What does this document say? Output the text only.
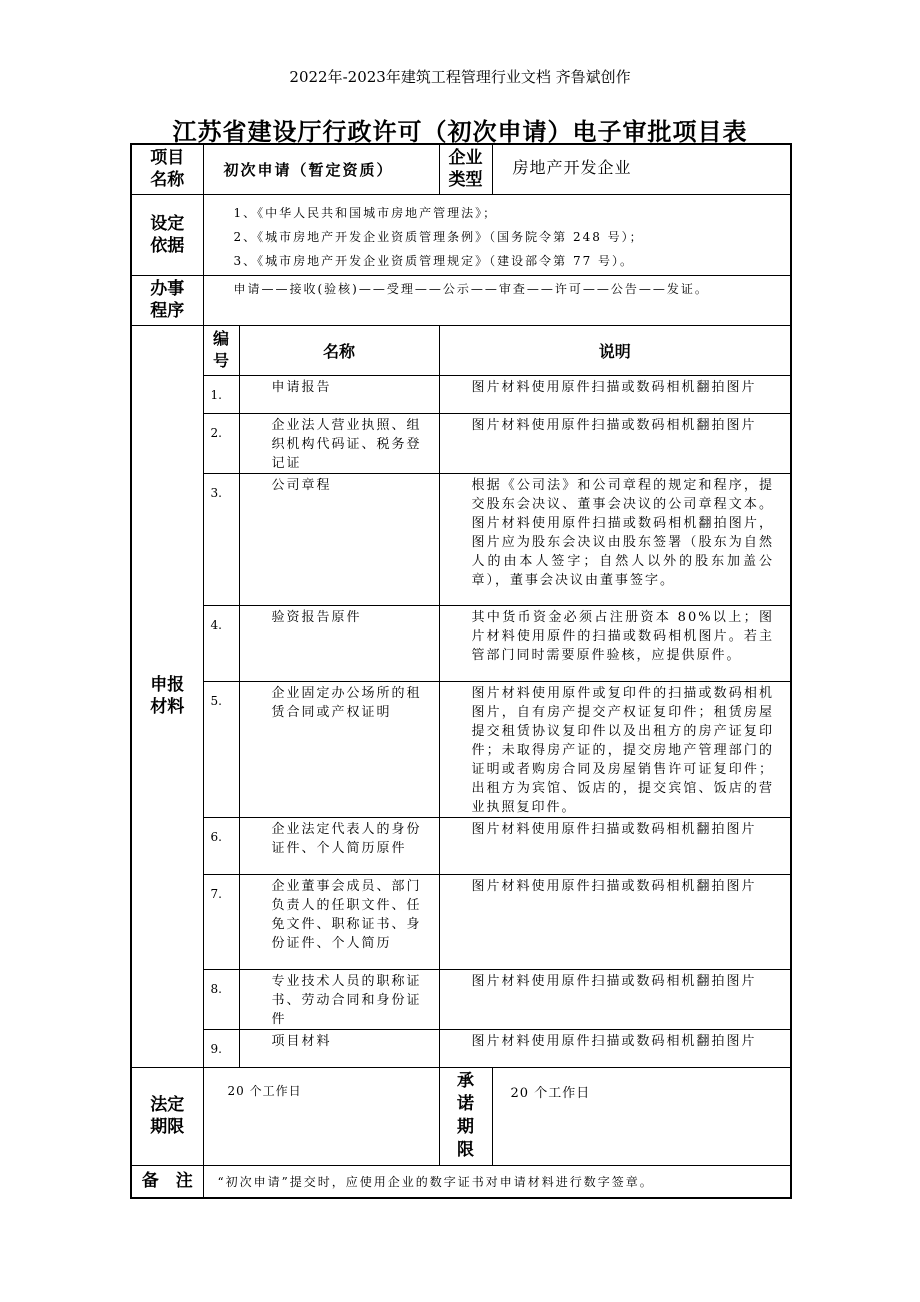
2022年-2023年建筑工程管理行业文档 齐鲁斌创作
江苏省建设厅行政许可（初次申请）电子审批项目表
项目名称	初次申请（暂定资质）		企业类型	房地产开发企业

设定依据	1、《中华人民共和国城市房地产管理法》；
2、《城市房地产开发企业资质管理条例》（国务院令第 248 号）；
3、《城市房地产开发企业资质管理规定》（建设部令第 77 号）。			

办事程序	申请——接收(验核)——受理——公示——审查——许可——公告——发证。			

申报材料	编号	名称	说明	
	1.	申请报告	图片材料使用原件扫描或数码相机翻拍图片	
	2.	企业法人营业执照、组织机构代码证、税务登记证	图片材料使用原件扫描或数码相机翻拍图片	
	3.	公司章程	根据《公司法》和公司章程的规定和程序，提交股东会决议、董事会决议的公司章程文本。图片材料使用原件扫描或数码相机翻拍图片，图片应为股东会决议由股东签署（股东为自然人的由本人签字；自然人以外的股东加盖公章），董事会决议由董事签字。	
	4.	验资报告原件	其中货币资金必须占注册资本 80%以上；图片材料使用原件的扫描或数码相机图片。若主管部门同时需要原件验核，应提供原件。	
	5.	企业固定办公场所的租赁合同或产权证明	图片材料使用原件或复印件的扫描或数码相机图片，自有房产提交产权证复印件；租赁房屋提交租赁协议复印件以及出租方的房产证复印件；未取得房产证的，提交房地产管理部门的证明或者购房合同及房屋销售许可证复印件；出租方为宾馆、饭店的，提交宾馆、饭店的营业执照复印件。	
	6.	企业法定代表人的身份证件、个人简历原件	图片材料使用原件扫描或数码相机翻拍图片	
	7.	企业董事会成员、部门负责人的任职文件、任免文件、职称证书、身份证件、个人简历	图片材料使用原件扫描或数码相机翻拍图片	
	8.	专业技术人员的职称证书、劳动合同和身份证件	图片材料使用原件扫描或数码相机翻拍图片	
	9.	项目材料	图片材料使用原件扫描或数码相机翻拍图片	

法定期限	20 个工作日		承诺期限	20 个工作日
备　注	“初次申请”提交时，应使用企业的数字证书对申请材料进行数字签章。			
